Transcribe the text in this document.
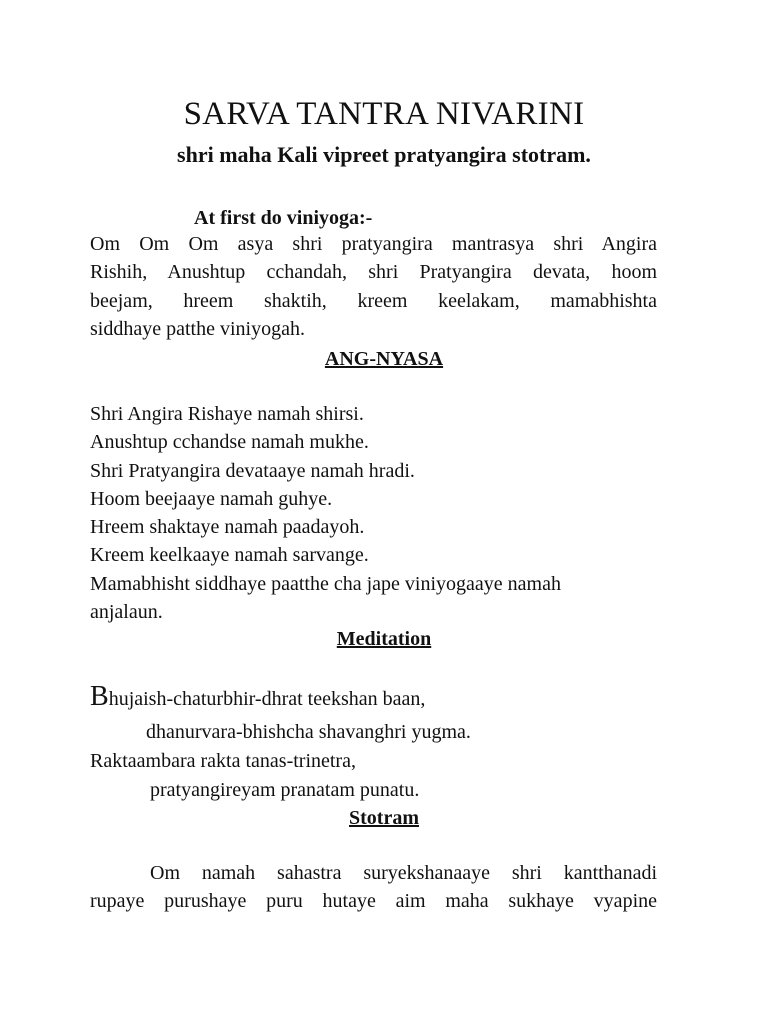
SARVA TANTRA NIVARINI
shri maha Kali vipreet pratyangira stotram.
At first do viniyoga:-
Om Om Om asya shri pratyangira mantrasya shri Angira
Rishih, Anushtup cchandah, shri Pratyangira devata, hoom
beejam, hreem shaktih, kreem keelakam, mamabhishta
siddhaye patthe viniyogah.
ANG-NYASA
Shri Angira Rishaye namah shirsi.
Anushtup cchandse namah mukhe.
Shri Pratyangira devataaye namah hradi.
Hoom beejaaye namah guhye.
Hreem shaktaye namah paadayoh.
Kreem keelkaaye namah sarvange.
Mamabhisht siddhaye paatthe cha jape viniyogaaye namah
anjalaun.
Meditation
Bhujaish-chaturbhir-dhrat teekshan baan,
dhanurvara-bhishcha shavanghri yugma.
Raktaambara rakta tanas-trinetra,
pratyangireyam pranatam punatu.
Stotram
Om namah sahastra suryekshanaaye shri kantthanadi
rupaye purushaye puru hutaye aim maha sukhaye vyapine
